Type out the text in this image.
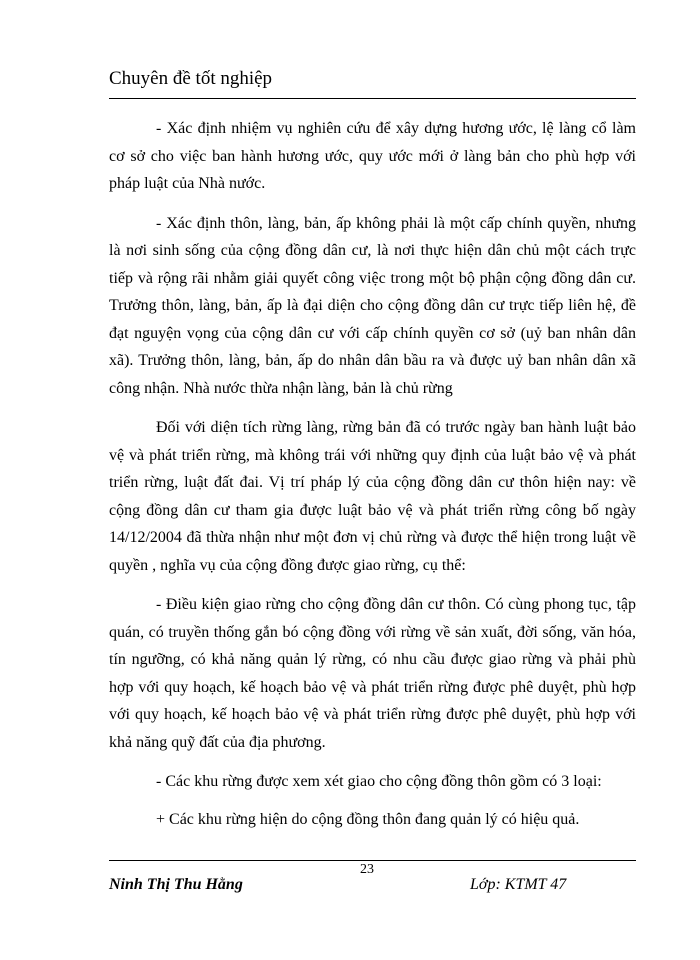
Chuyên đề tốt nghiệp

- Xác định nhiệm vụ nghiên cứu để xây dựng hương ước, lệ làng cổ làm cơ sở cho việc ban hành hương ước, quy ước mới ở làng bản cho phù hợp với pháp luật của Nhà nước.

- Xác định thôn, làng, bản, ấp không phải là một cấp chính quyền, nhưng là nơi sinh sống của cộng đồng dân cư, là nơi thực hiện dân chủ một cách trực tiếp và rộng rãi nhằm giải quyết công việc trong một bộ phận cộng đồng dân cư. Trưởng thôn, làng, bản, ấp là đại diện cho cộng đồng dân cư trực tiếp liên hệ, đề đạt nguyện vọng của cộng dân cư với cấp chính quyền cơ sở (uỷ ban nhân dân xã). Trưởng thôn, làng, bản, ấp do nhân dân bầu ra và được uỷ ban nhân dân xã công nhận. Nhà nước thừa nhận làng, bản là chủ rừng

Đối với diện tích rừng làng, rừng bản đã có trước ngày ban hành luật bảo vệ và phát triển rừng, mà không trái với những quy định của luật bảo vệ và phát triển rừng, luật đất đai. Vị trí pháp lý của cộng đồng dân cư thôn hiện nay: về cộng đồng dân cư tham gia được luật bảo vệ và phát triển rừng công bố ngày 14/12/2004 đã thừa nhận như một đơn vị chủ rừng và được thể hiện trong luật về quyền , nghĩa vụ của cộng đồng được giao rừng, cụ thể:

- Điều kiện giao rừng cho cộng đồng dân cư thôn. Có cùng phong tục, tập quán, có truyền thống gắn bó cộng đồng với rừng về sản xuất, đời sống, văn hóa, tín ngưỡng, có khả năng quản lý rừng, có nhu cầu được giao rừng và phải phù hợp với quy hoạch, kế hoạch bảo vệ và phát triển rừng được phê duyệt, phù hợp với quy hoạch, kế hoạch bảo vệ và phát triển rừng được phê duyệt, phù hợp với khả năng quỹ đất của địa phương.

- Các khu rừng được xem xét giao cho cộng đồng thôn gồm có 3 loại:

+ Các khu rừng hiện do cộng đồng thôn đang quản lý có hiệu quả.

23
Ninh Thị Thu Hằng	Lớp: KTMT 47
